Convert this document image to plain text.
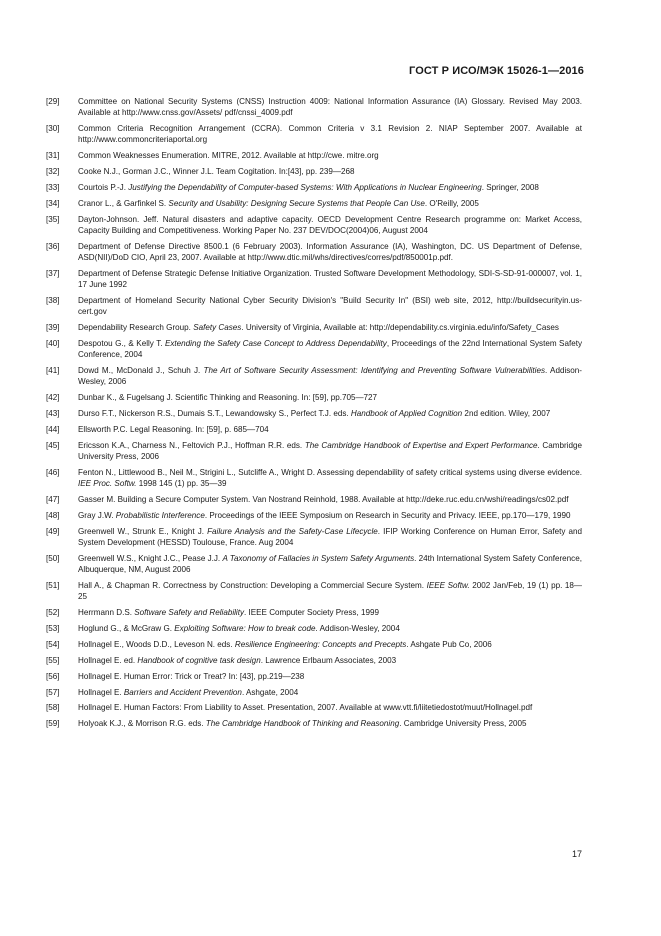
ГОСТ Р ИСО/МЭК 15026-1—2016
[29]	Committee on National Security Systems (CNSS) Instruction 4009: National Information Assurance (IA) Glossary. Revised May 2003. Available at http://www.cnss.gov/Assets/ pdf/cnssi_4009.pdf
[30]	Common Criteria Recognition Arrangement (CCRA). Common Criteria v 3.1 Revision 2. NIAP September 2007. Available at http://www.commoncriteriaportal.org
[31]	Common Weaknesses Enumeration. MITRE, 2012. Available at http://cwe. mitre.org
[32]	Cooke N.J., Gorman J.C., Winner J.L. Team Cogitation. In:[43], pp. 239—268
[33]	Courtois P.-J. Justifying the Dependability of Computer-based Systems: With Applications in Nuclear Engineering. Springer, 2008
[34]	Cranor L., & Garfinkel S. Security and Usability: Designing Secure Systems that People Can Use. O'Reilly, 2005
[35]	Dayton-Johnson. Jeff. Natural disasters and adaptive capacity. OECD Development Centre Research programme on: Market Access, Capacity Building and Competitiveness. Working Paper No. 237 DEV/DOC(2004)06, August 2004
[36]	Department of Defense Directive 8500.1 (6 February 2003). Information Assurance (IA), Washington, DC. US Department of Defense, ASD(NII)/DoD CIO, April 23, 2007. Available at http://www.dtic.mil/whs/directives/corres/pdf/850001p.pdf.
[37]	Department of Defense Strategic Defense Initiative Organization. Trusted Software Development Methodology, SDI-S-SD-91-000007, vol. 1, 17 June 1992
[38]	Department of Homeland Security National Cyber Security Division's "Build Security In" (BSI) web site, 2012, http://buildsecurityin.us-cert.gov
[39]	Dependability Research Group. Safety Cases. University of Virginia, Available at: http://dependability.cs.virginia.edu/info/Safety_Cases
[40]	Despotou G., & Kelly T. Extending the Safety Case Concept to Address Dependability, Proceedings of the 22nd International System Safety Conference, 2004
[41]	Dowd M., McDonald J., Schuh J. The Art of Software Security Assessment: Identifying and Preventing Software Vulnerabilities. Addison-Wesley, 2006
[42]	Dunbar K., & Fugelsang J. Scientific Thinking and Reasoning. In: [59], pp.705—727
[43]	Durso F.T., Nickerson R.S., Dumais S.T., Lewandowsky S., Perfect T.J. eds. Handbook of Applied Cognition 2nd edition. Wiley, 2007
[44]	Ellsworth P.C. Legal Reasoning. In: [59], p. 685—704
[45]	Ericsson K.A., Charness N., Feltovich P.J., Hoffman R.R. eds. The Cambridge Handbook of Expertise and Expert Performance. Cambridge University Press, 2006
[46]	Fenton N., Littlewood B., Neil M., Strigini L., Sutcliffe A., Wright D. Assessing dependability of safety critical systems using diverse evidence. IEE Proc. Softw. 1998 145 (1) pp. 35—39
[47]	Gasser M. Building a Secure Computer System. Van Nostrand Reinhold, 1988. Available at http://deke.ruc.edu.cn/wshi/readings/cs02.pdf
[48]	Gray J.W. Probabilistic Interference. Proceedings of the IEEE Symposium on Research in Security and Privacy. IEEE, pp.170—179, 1990
[49]	Greenwell W., Strunk E., Knight J. Failure Analysis and the Safety-Case Lifecycle. IFIP Working Conference on Human Error, Safety and System Development (HESSD) Toulouse, France. Aug 2004
[50]	Greenwell W.S., Knight J.C., Pease J.J. A Taxonomy of Fallacies in System Safety Arguments. 24th International System Safety Conference, Albuquerque, NM, August 2006
[51]	Hall A., & Chapman R. Correctness by Construction: Developing a Commercial Secure System. IEEE Softw. 2002 Jan/Feb, 19 (1) pp. 18—25
[52]	Herrmann D.S. Software Safety and Reliability. IEEE Computer Society Press, 1999
[53]	Hoglund G., & McGraw G. Exploiting Software: How to break code. Addison-Wesley, 2004
[54]	Hollnagel E., Woods D.D., Leveson N. eds. Resilience Engineering: Concepts and Precepts. Ashgate Pub Co, 2006
[55]	Hollnagel E. ed. Handbook of cognitive task design. Lawrence Erlbaum Associates, 2003
[56]	Hollnagel E. Human Error: Trick or Treat? In: [43], pp.219—238
[57]	Hollnagel E. Barriers and Accident Prevention. Ashgate, 2004
[58]	Hollnagel E. Human Factors: From Liability to Asset. Presentation, 2007. Available at www.vtt.fi/liitetiedostot/muut/Hollnagel.pdf
[59]	Holyoak K.J., & Morrison R.G. eds. The Cambridge Handbook of Thinking and Reasoning. Cambridge University Press, 2005
17
